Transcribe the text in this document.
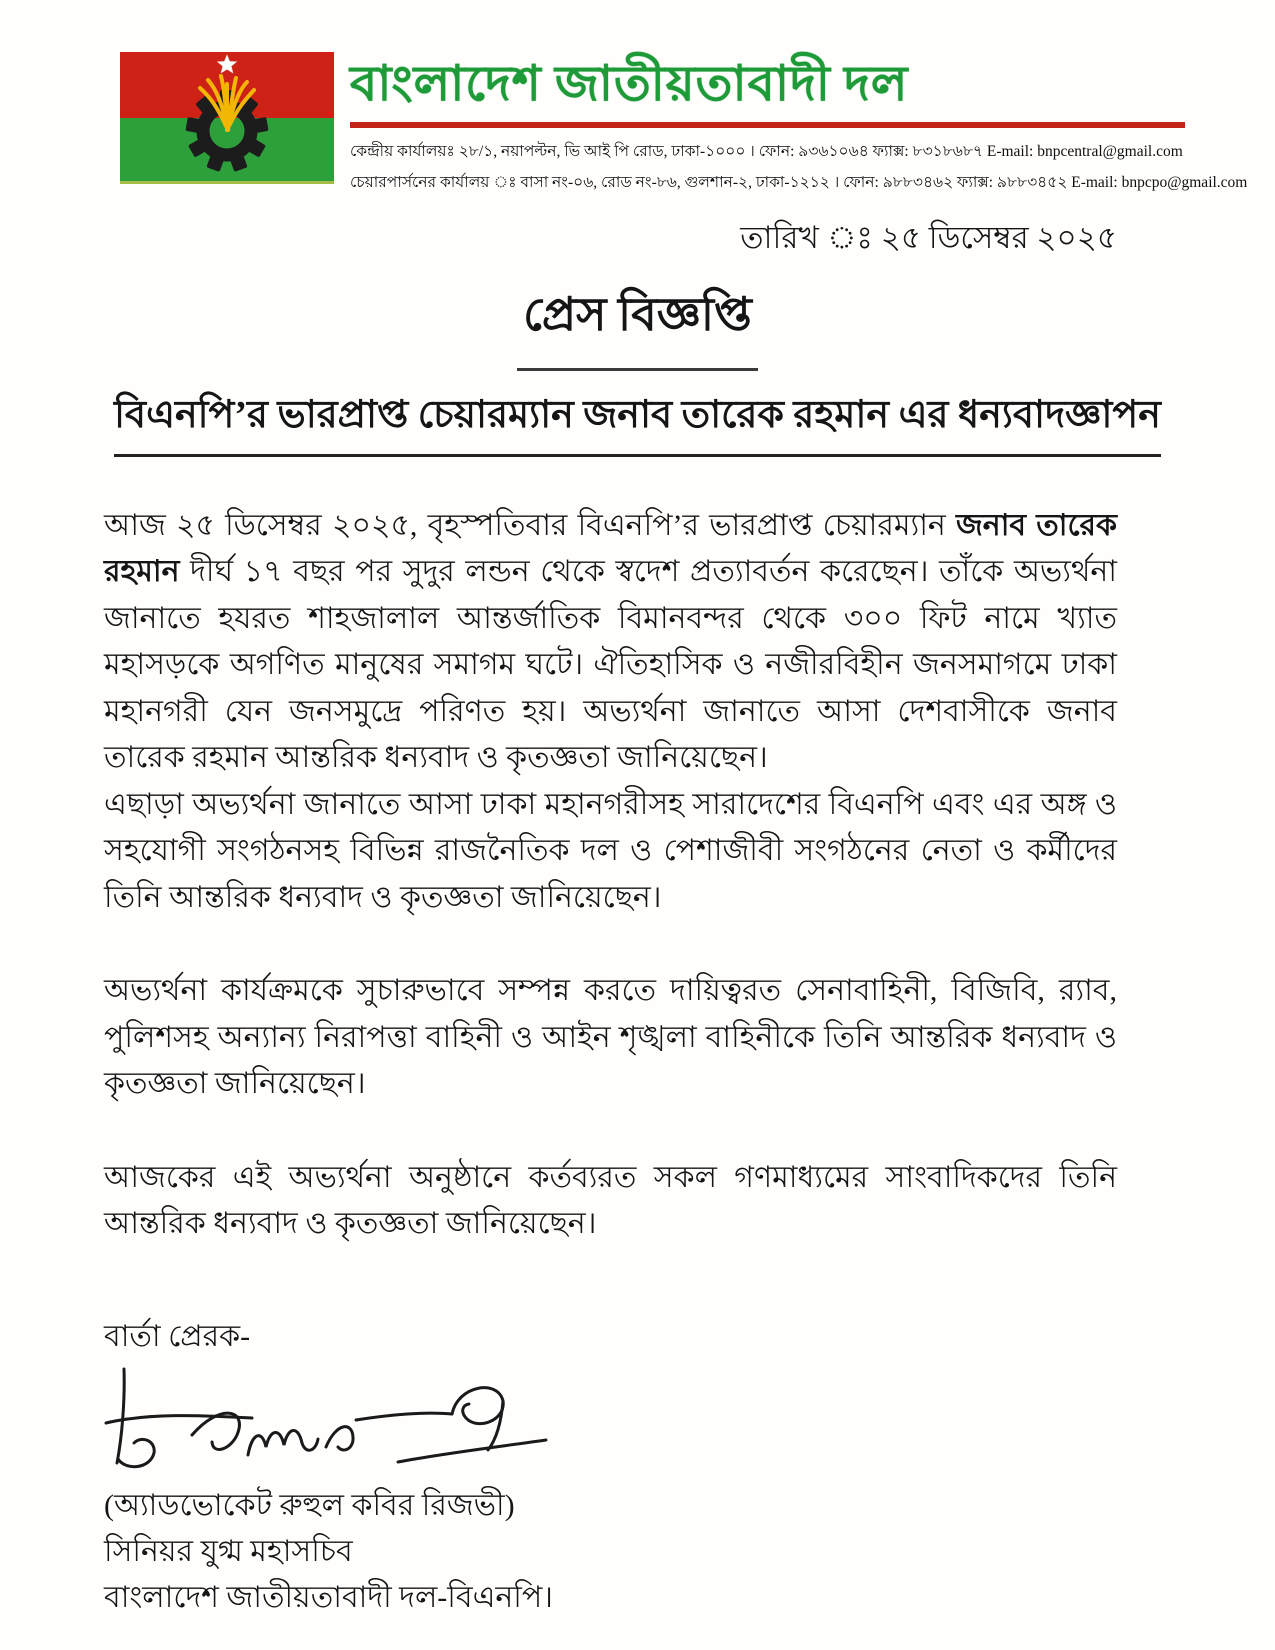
বাংলাদেশ জাতীয়তাবাদী দল
কেন্দ্রীয় কার্যালয়ঃ ২৮/১, নয়াপল্টন, ভি আই পি রোড, ঢাকা-১০০০ । ফোন: ৯৩৬১০৬৪ ফ্যাক্স: ৮৩১৮৬৮৭ E-mail: bnpcentral@gmail.com
চেয়ারপার্সনের কার্যালয় ঃ বাসা নং-০৬, রোড নং-৮৬, গুলশান-২, ঢাকা-১২১২ । ফোন: ৯৮৮৩৪৬২ ফ্যাক্স: ৯৮৮৩৪৫২ E-mail: bnpcpo@gmail.com
তারিখ ঃ ২৫ ডিসেম্বর ২০২৫
প্রেস বিজ্ঞপ্তি
বিএনপি’র ভারপ্রাপ্ত চেয়ারম্যান জনাব তারেক রহমান এর ধন্যবাদজ্ঞাপন

আজ ২৫ ডিসেম্বর ২০২৫, বৃহস্পতিবার বিএনপি’র ভারপ্রাপ্ত চেয়ারম্যান জনাব তারেক রহমান দীর্ঘ ১৭ বছর পর সুদুর লন্ডন থেকে স্বদেশ প্রত্যাবর্তন করেছেন। তাঁকে অভ্যর্থনা জানাতে হযরত শাহজালাল আন্তর্জাতিক বিমানবন্দর থেকে ৩০০ ফিট নামে খ্যাত মহাসড়কে অগণিত মানুষের সমাগম ঘটে। ঐতিহাসিক ও নজীরবিহীন জনসমাগমে ঢাকা মহানগরী যেন জনসমুদ্রে পরিণত হয়। অভ্যর্থনা জানাতে আসা দেশবাসীকে জনাব তারেক রহমান আন্তরিক ধন্যবাদ ও কৃতজ্ঞতা জানিয়েছেন।

এছাড়া অভ্যর্থনা জানাতে আসা ঢাকা মহানগরীসহ সারাদেশের বিএনপি এবং এর অঙ্গ ও সহযোগী সংগঠনসহ বিভিন্ন রাজনৈতিক দল ও পেশাজীবী সংগঠনের নেতা ও কর্মীদের তিনি আন্তরিক ধন্যবাদ ও কৃতজ্ঞতা জানিয়েছেন।

অভ্যর্থনা কার্যক্রমকে সুচারুভাবে সম্পন্ন করতে দায়িত্বরত সেনাবাহিনী, বিজিবি, র‍্যাব, পুলিশসহ অন্যান্য নিরাপত্তা বাহিনী ও আইন শৃঙ্খলা বাহিনীকে তিনি আন্তরিক ধন্যবাদ ও কৃতজ্ঞতা জানিয়েছেন।

আজকের এই অভ্যর্থনা অনুষ্ঠানে কর্তব্যরত সকল গণমাধ্যমের সাংবাদিকদের তিনি আন্তরিক ধন্যবাদ ও কৃতজ্ঞতা জানিয়েছেন।

বার্তা প্রেরক-
(অ্যাডভোকেট রুহুল কবির রিজভী)
সিনিয়র যুগ্ম মহাসচিব
বাংলাদেশ জাতীয়তাবাদী দল-বিএনপি।
